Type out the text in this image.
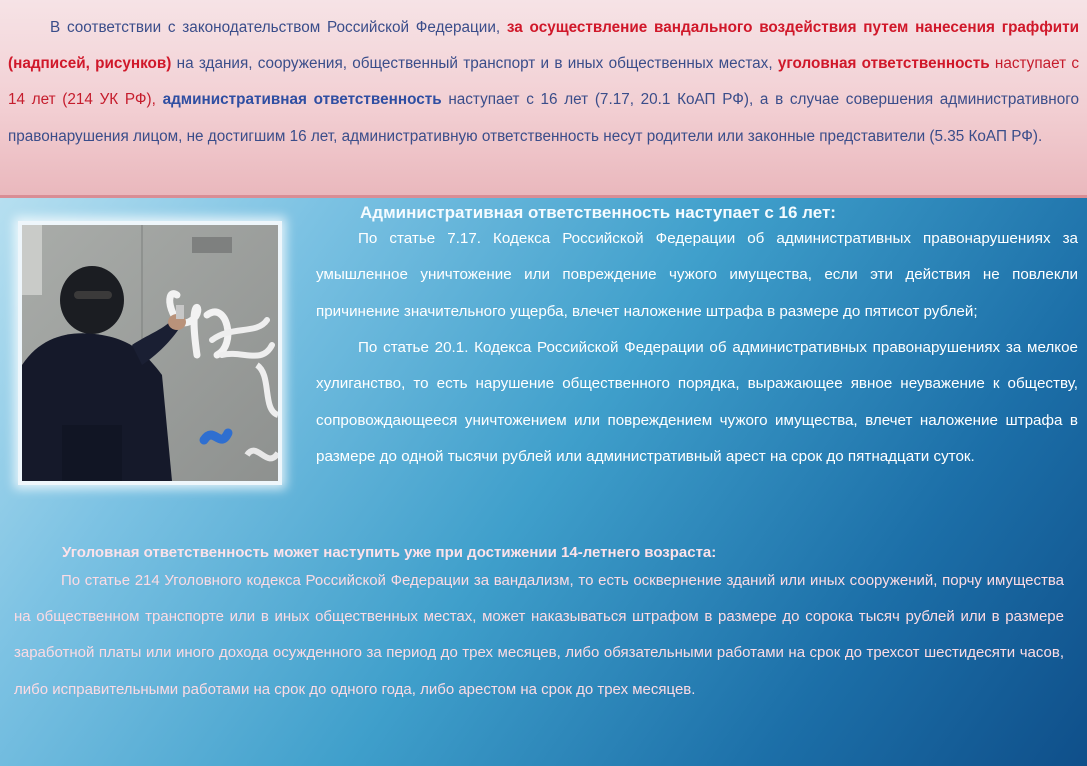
В соответствии с законодательством Российской Федерации, за осуществление вандального воздействия путем нанесения граффити (надписей, рисунков) на здания, сооружения, общественный транспорт и в иных общественных местах, уголовная ответственность наступает с 14 лет (214 УК РФ), административная ответственность наступает с 16 лет (7.17, 20.1 КоАП РФ), а в случае совершения административного правонарушения лицом, не достигшим 16 лет, административную ответственность несут родители или законные представители (5.35 КоАП РФ).

Административная ответственность наступает с 16 лет:

По статье 7.17. Кодекса Российской Федерации об административных правонарушениях за умышленное уничтожение или повреждение чужого имущества, если эти действия не повлекли причинение значительного ущерба, влечет наложение штрафа в размере до пятисот рублей;

По статье 20.1. Кодекса Российской Федерации об административных правонарушениях за мелкое хулиганство, то есть нарушение общественного порядка, выражающее явное неуважение к обществу, сопровождающееся уничтожением или повреждением чужого имущества, влечет наложение штрафа в размере до одной тысячи рублей или административный арест на срок до пятнадцати суток.

Уголовная ответственность может наступить уже при достижении 14-летнего возраста:

По статье 214 Уголовного кодекса Российской Федерации за вандализм, то есть осквернение зданий или иных сооружений, порчу имущества на общественном транспорте или в иных общественных местах, может наказываться штрафом в размере до сорока тысяч рублей или в размере заработной платы или иного дохода осужденного за период до трех месяцев, либо обязательными работами на срок до трехсот шестидесяти часов, либо исправительными работами на срок до одного года, либо арестом на срок до трех месяцев.
